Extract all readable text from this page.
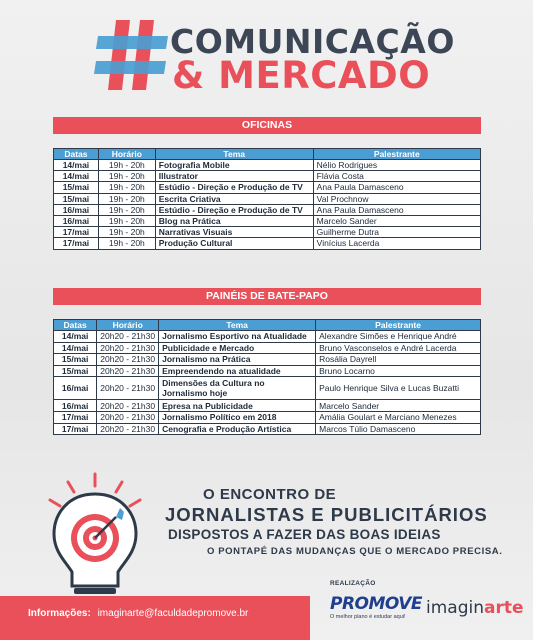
COMUNICAÇÃO
& MERCADO
OFICINAS
Datas	Horário	Tema	Palestrante
14/mai	19h - 20h	Fotografia Mobile	Nélio Rodrigues
14/mai	19h - 20h	Illustrator	Flávia Costa
15/mai	19h - 20h	Estúdio - Direção e Produção de TV	Ana Paula Damasceno
15/mai	19h - 20h	Escrita Criativa	Val Prochnow
16/mai	19h - 20h	Estúdio - Direção e Produção de TV	Ana Paula Damasceno
16/mai	19h - 20h	Blog na Prática	Marcelo Sander
17/mai	19h - 20h	Narrativas Visuais	Guilherme Dutra
17/mai	19h - 20h	Produção Cultural	Vinícius Lacerda
PAINÉIS DE BATE-PAPO
Datas	Horário	Tema	Palestrante
14/mai	20h20 - 21h30	Jornalismo Esportivo na Atualidade	Alexandre Simões e Henrique André
14/mai	20h20 - 21h30	Publicidade e Mercado	Bruno Vasconselos e André Lacerda
15/mai	20h20 - 21h30	Jornalismo na Prática	Rosália Dayrell
15/mai	20h20 - 21h30	Empreendendo na atualidade	Bruno Locarno
16/mai	20h20 - 21h30	Dimensões da Cultura no Jornalismo hoje	Paulo Henrique Silva e Lucas Buzatti
16/mai	20h20 - 21h30	Epresa na Publicidade	Marcelo Sander
17/mai	20h20 - 21h30	Jornalismo Político em 2018	Amália Goulart e Marciano Menezes
17/mai	20h20 - 21h30	Cenografia e Produção Artística	Marcos Túlio Damasceno
O ENCONTRO DE
JORNALISTAS E PUBLICITÁRIOS
DISPOSTOS A FAZER DAS BOAS IDEIAS
O PONTAPÉ DAS MUDANÇAS QUE O MERCADO PRECISA.
Informações: imaginarte@faculdadepromove.br
REALIZAÇÃO
PROMOVE
O melhor plano é estudar aqui! imaginarte
